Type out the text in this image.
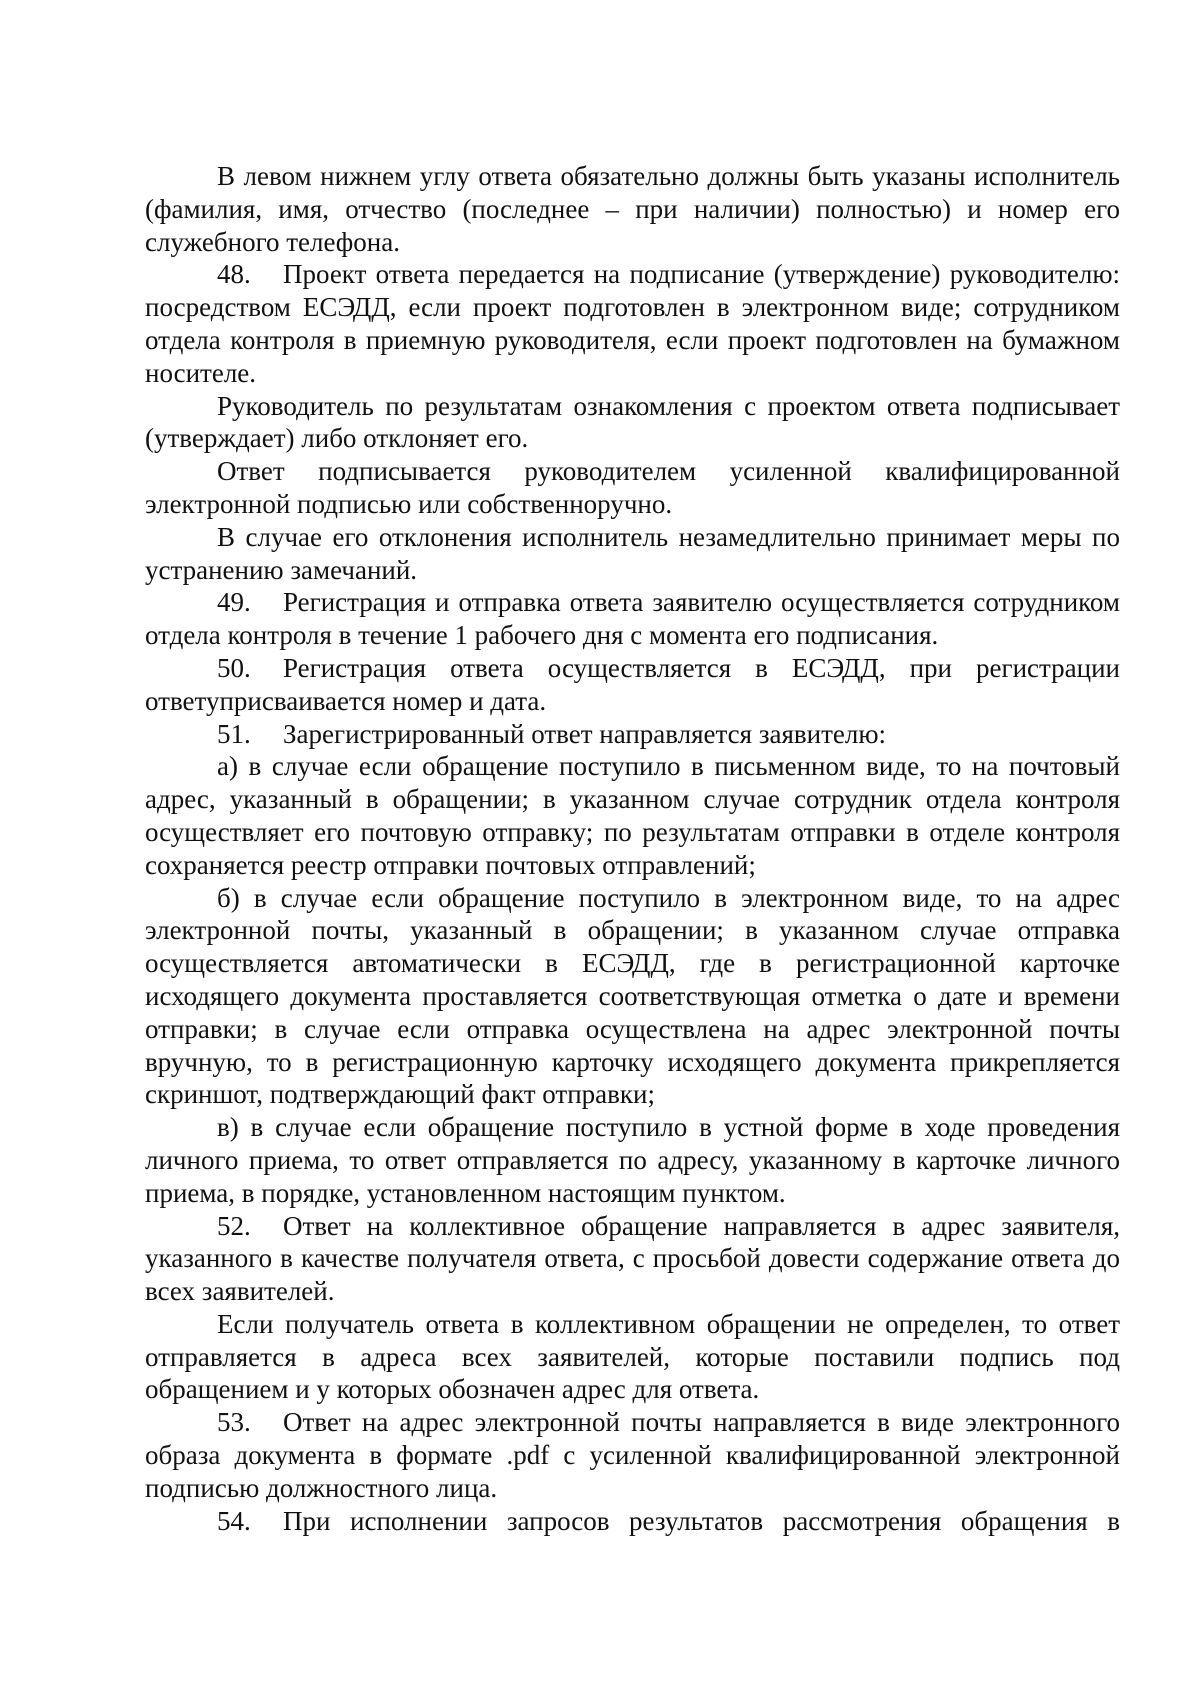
В левом нижнем углу ответа обязательно должны быть указаны исполнитель (фамилия, имя, отчество (последнее – при наличии) полностью) и номер его служебного телефона.

48. Проект ответа передается на подписание (утверждение) руководителю: посредством ЕСЭДД, если проект подготовлен в электронном виде; сотрудником отдела контроля в приемную руководителя, если проект подготовлен на бумажном носителе.

Руководитель по результатам ознакомления с проектом ответа подписывает (утверждает) либо отклоняет его.

Ответ подписывается руководителем усиленной квалифицированной электронной подписью или собственноручно.

В случае его отклонения исполнитель незамедлительно принимает меры по устранению замечаний.

49. Регистрация и отправка ответа заявителю осуществляется сотрудником отдела контроля в течение 1 рабочего дня с момента его подписания.

50. Регистрация ответа осуществляется в ЕСЭДД, при регистрации ответуприсваивается номер и дата.

51. Зарегистрированный ответ направляется заявителю:

а) в случае если обращение поступило в письменном виде, то на почтовый адрес, указанный в обращении; в указанном случае сотрудник отдела контроля осуществляет его почтовую отправку; по результатам отправки в отделе контроля сохраняется реестр отправки почтовых отправлений;

б) в случае если обращение поступило в электронном виде, то на адрес электронной почты, указанный в обращении; в указанном случае отправка осуществляется автоматически в ЕСЭДД, где в регистрационной карточке исходящего документа проставляется соответствующая отметка о дате и времени отправки; в случае если отправка осуществлена на адрес электронной почты вручную, то в регистрационную карточку исходящего документа прикрепляется скриншот, подтверждающий факт отправки;

в) в случае если обращение поступило в устной форме в ходе проведения личного приема, то ответ отправляется по адресу, указанному в карточке личного приема, в порядке, установленном настоящим пунктом.

52. Ответ на коллективное обращение направляется в адрес заявителя, указанного в качестве получателя ответа, с просьбой довести содержание ответа до всех заявителей.

Если получатель ответа в коллективном обращении не определен, то ответ отправляется в адреса всех заявителей, которые поставили подпись под обращением и у которых обозначен адрес для ответа.

53. Ответ на адрес электронной почты направляется в виде электронного образа документа в формате .pdf с усиленной квалифицированной электронной подписью должностного лица.

54. При исполнении запросов результатов рассмотрения обращения в
